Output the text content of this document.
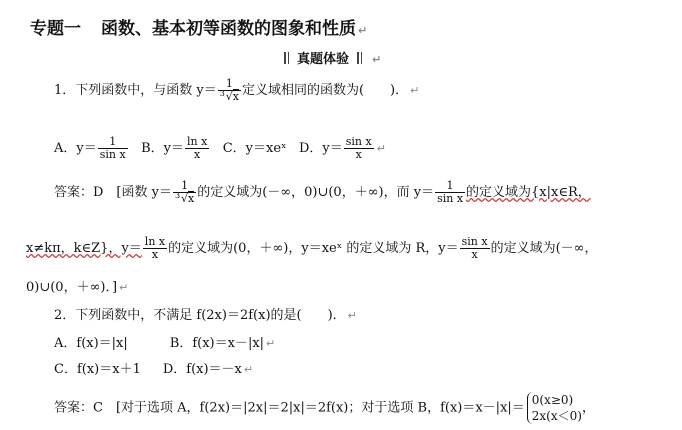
专题一 函数、基本初等函数的图象和性质 ↵
真题体验 ↵
1．下列函数中，与函数 $y= \frac{1}{3 √x}$ 定义域相同的函数为(　　)． ↵
A．$y= \frac{1}{\text{sin x}}$ B．$y= \frac{\text{ln x}}{x}$ C．y＝xeˣ D．$y= \frac{\text{sin x}}{x}$ ↵
答案：D　[函数 $y= \frac{1}{3 √x}$ 的定义域为(－∞，0)∪(0，＋∞)，而 $y= \frac{1}{\text{sin x}}$ 的定义域为{x|x∈R，
x≠kπ，k∈Z}，$y= \frac{\text{ln x}}{x}$ 的定义域为(0，＋∞)，y＝xeˣ 的定义域为 R，$y= \frac{\text{sin x}}{x}$ 的定义域为(－∞，
0)∪(0，＋∞)．] ↵
2．下列函数中，不满足 f(2x)＝2f(x)的是(　　)． ↵
A．f(x)＝|x|	B．f(x)＝x－|x| ↵
C．f(x)＝x＋1 D．f(x)＝－x ↵
答案：C　[对于选项 A，f(2x)＝|2x|＝2|x|＝2f(x)；对于选项 B，f(x)＝x－|x|＝
0(x≥0)
2x(x＜0)
，
